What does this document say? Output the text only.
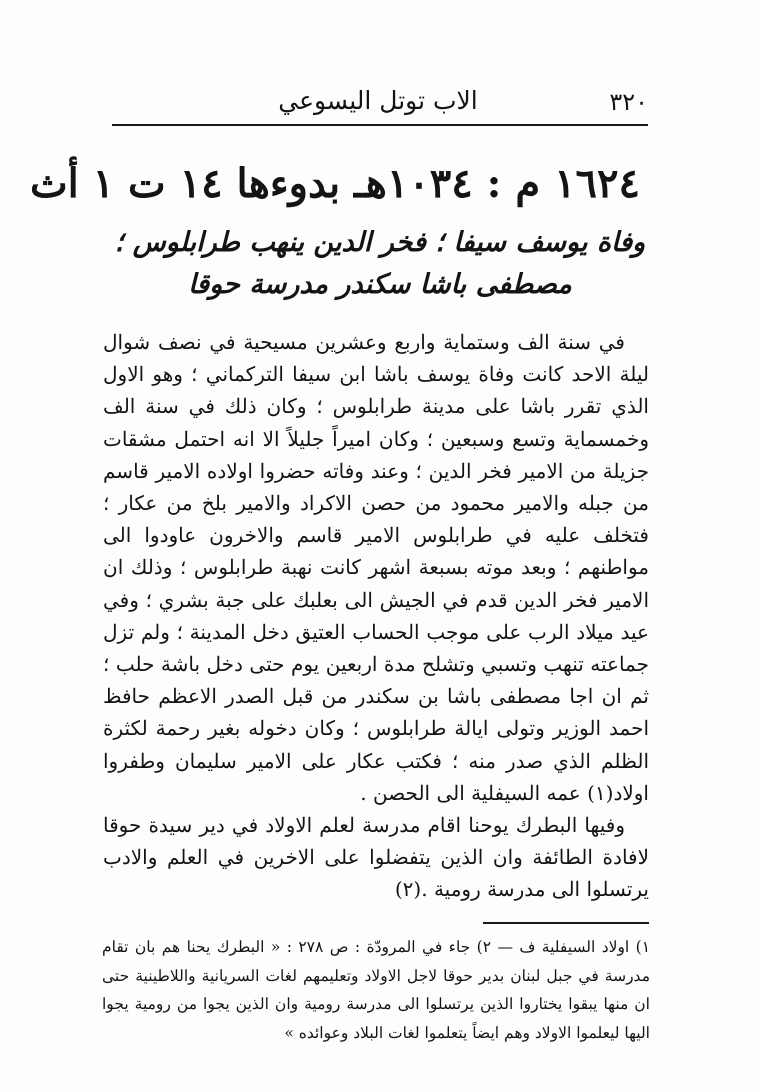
٣٢٠
الاب توتل اليسوعي
١٦٢٤ م : ١٠٣٤هـ بدوءها ١٤ ت ١ أث
وفاة يوسف سيفا ؛ فخر الدين ينهب طرابلوس ؛ مصطفى باشا سكندر مدرسة حوقا

في سنة الف وستماية واربع وعشرين مسيحية في نصف شوال ليلة الاحد كانت وفاة يوسف باشا ابن سيفا التركماني ؛ وهو الاول الذي تقرر باشا على مدينة طرابلوس ؛ وكان ذلك في سنة الف وخمسماية وتسع وسبعين ؛ وكان اميراً جليلاً الا انه احتمل مشقات جزيلة من الامير فخر الدين ؛ وعند وفاته حضروا اولاده الامير قاسم من جبله والامير محمود من حصن الاكراد والامير بلخ من عكار ؛ فتخلف عليه في طرابلوس الامير قاسم والاخرون عاودوا الى مواطنهم ؛ وبعد موته بسبعة اشهر كانت نهبة طرابلوس ؛ وذلك ان الامير فخر الدين قدم في الجيش الى بعلبك على جبة بشري ؛ وفي عيد ميلاد الرب على موجب الحساب العتيق دخل المدينة ؛ ولم تزل جماعته تنهب وتسبي وتشلح مدة اربعين يوم حتى دخل باشة حلب ؛ ثم ان اجا مصطفى باشا بن سكندر من قبل الصدر الاعظم حافظ احمد الوزير وتولى ايالة طرابلوس ؛ وكان دخوله بغير رحمة لكثرة الظلم الذي صدر منه ؛ فكتب عكار على الامير سليمان وطفروا اولاد(١) عمه السيفلية الى الحصن .

وفيها البطرك يوحنا اقام مدرسة لعلم الاولاد في دير سيدة حوقا لافادة الطائفة وان الذين يتفضلوا على الاخرين في العلم والادب يرتسلوا الى مدرسة رومية .(٢)

١) اولاد السيفلية ف — ٢) جاء في المرودّة : ص ٢٧٨ : « البطرك يحنا هم بان تقام مدرسة في جبل لبنان بدير حوقا لاجل الاولاد وتعليمهم لغات السريانية واللاطينية حتى ان منها يبقوا يختاروا الذين يرتسلوا الى مدرسة رومية وان الذين يجوا من رومية يجوا اليها ليعلموا الاولاد وهم ايضاً يتعلموا لغات البلاد وعوائده »
